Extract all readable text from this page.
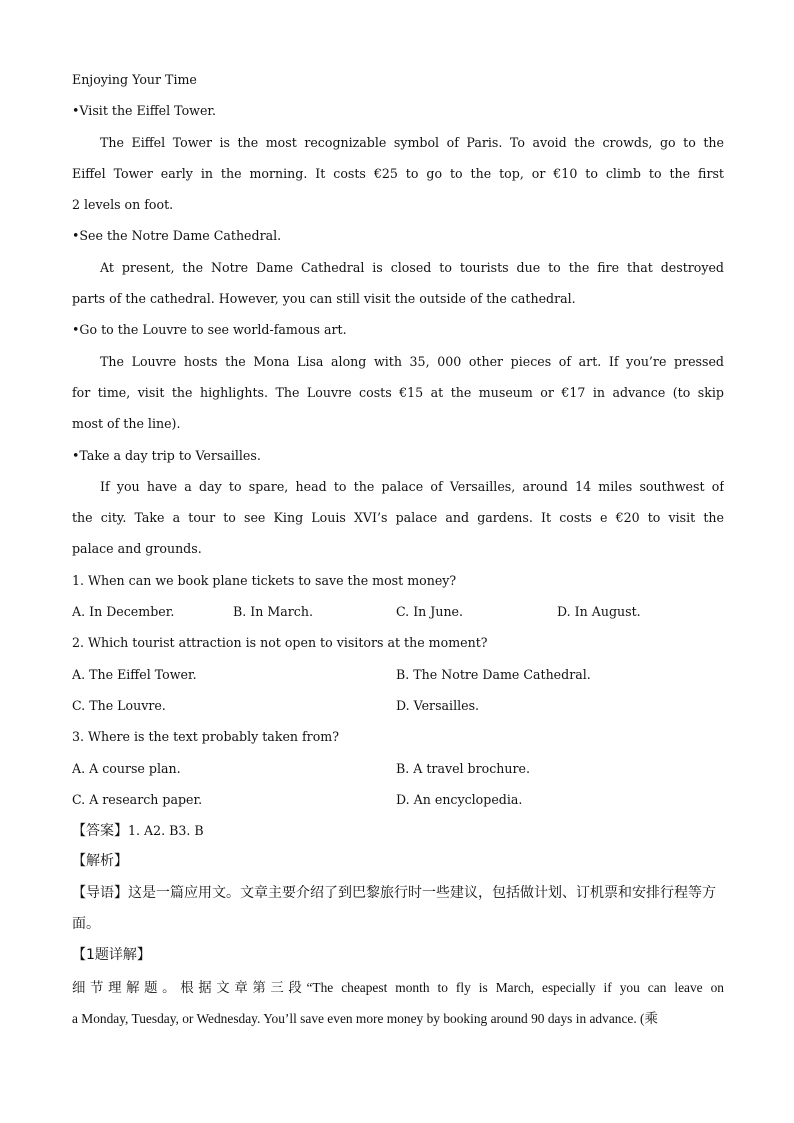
Enjoying Your Time
•Visit the Eiffel Tower.
The Eiffel Tower is the most recognizable symbol of Paris. To avoid the crowds, go to the
Eiffel Tower early in the morning. It costs €25 to go to the top, or €10 to climb to the first
2 levels on foot.
•See the Notre Dame Cathedral.
At present, the Notre Dame Cathedral is closed to tourists due to the fire that destroyed
parts of the cathedral. However, you can still visit the outside of the cathedral.
•Go to the Louvre to see world-famous art.
The Louvre hosts the Mona Lisa along with 35, 000 other pieces of art. If you’re pressed
for time, visit the highlights. The Louvre costs €15 at the museum or €17 in advance (to skip
most of the line).
•Take a day trip to Versailles.
If you have a day to spare, head to the palace of Versailles, around 14 miles southwest of
the city. Take a tour to see King Louis XVI’s palace and gardens. It costs e €20 to visit the
palace and grounds.
1. When can we book plane tickets to save the most money?
A. In December.	B. In March.	C. In June.	D. In August.
2. Which tourist attraction is not open to visitors at the moment?
A. The Eiffel Tower.	B. The Notre Dame Cathedral.
C. The Louvre.	D. Versailles.
3. Where is the text probably taken from?
A. A course plan.	B. A travel brochure.
C. A research paper.	D. An encyclopedia.
【答案】1. A2. B3. B
【解析】
【导语】这是一篇应用文。文章主要介绍了到巴黎旅行时一些建议，包括做计划、订机票和安排行程等方
面。
【1题详解】
细节理解题。根据文章第三段“The cheapest month to fly is March, especially if you can leave on
a Monday, Tuesday, or Wednesday. You’ll save even more money by booking around 90 days in advance. (乘
